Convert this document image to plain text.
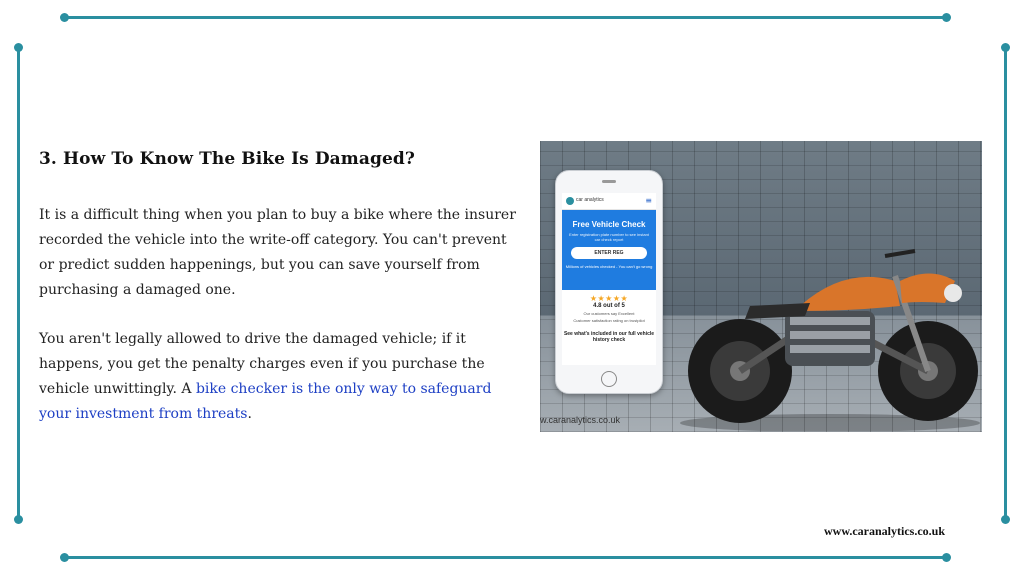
3. How To Know The Bike Is Damaged?

It is a difficult thing when you plan to buy a bike where the insurer recorded the vehicle into the write-off category. You can't prevent or predict sudden happenings, but you can save yourself from purchasing a damaged one.

You aren't legally allowed to drive the damaged vehicle; if it happens, you get the penalty charges even if you purchase the vehicle unwittingly. A bike checker is the only way to safeguard your investment from threats.

car analytics	≡
Free Vehicle Check
Enter registration plate number to see instant car check report
ENTER REG
Millions of vehicles checked - You can't go wrong
★★★★★
4.8 out of 5
Our customers say Excellent
Customer satisfaction rating on trustpilot
See what's included in our full vehicle history check
w.caranalytics.co.uk
www.caranalytics.co.uk
